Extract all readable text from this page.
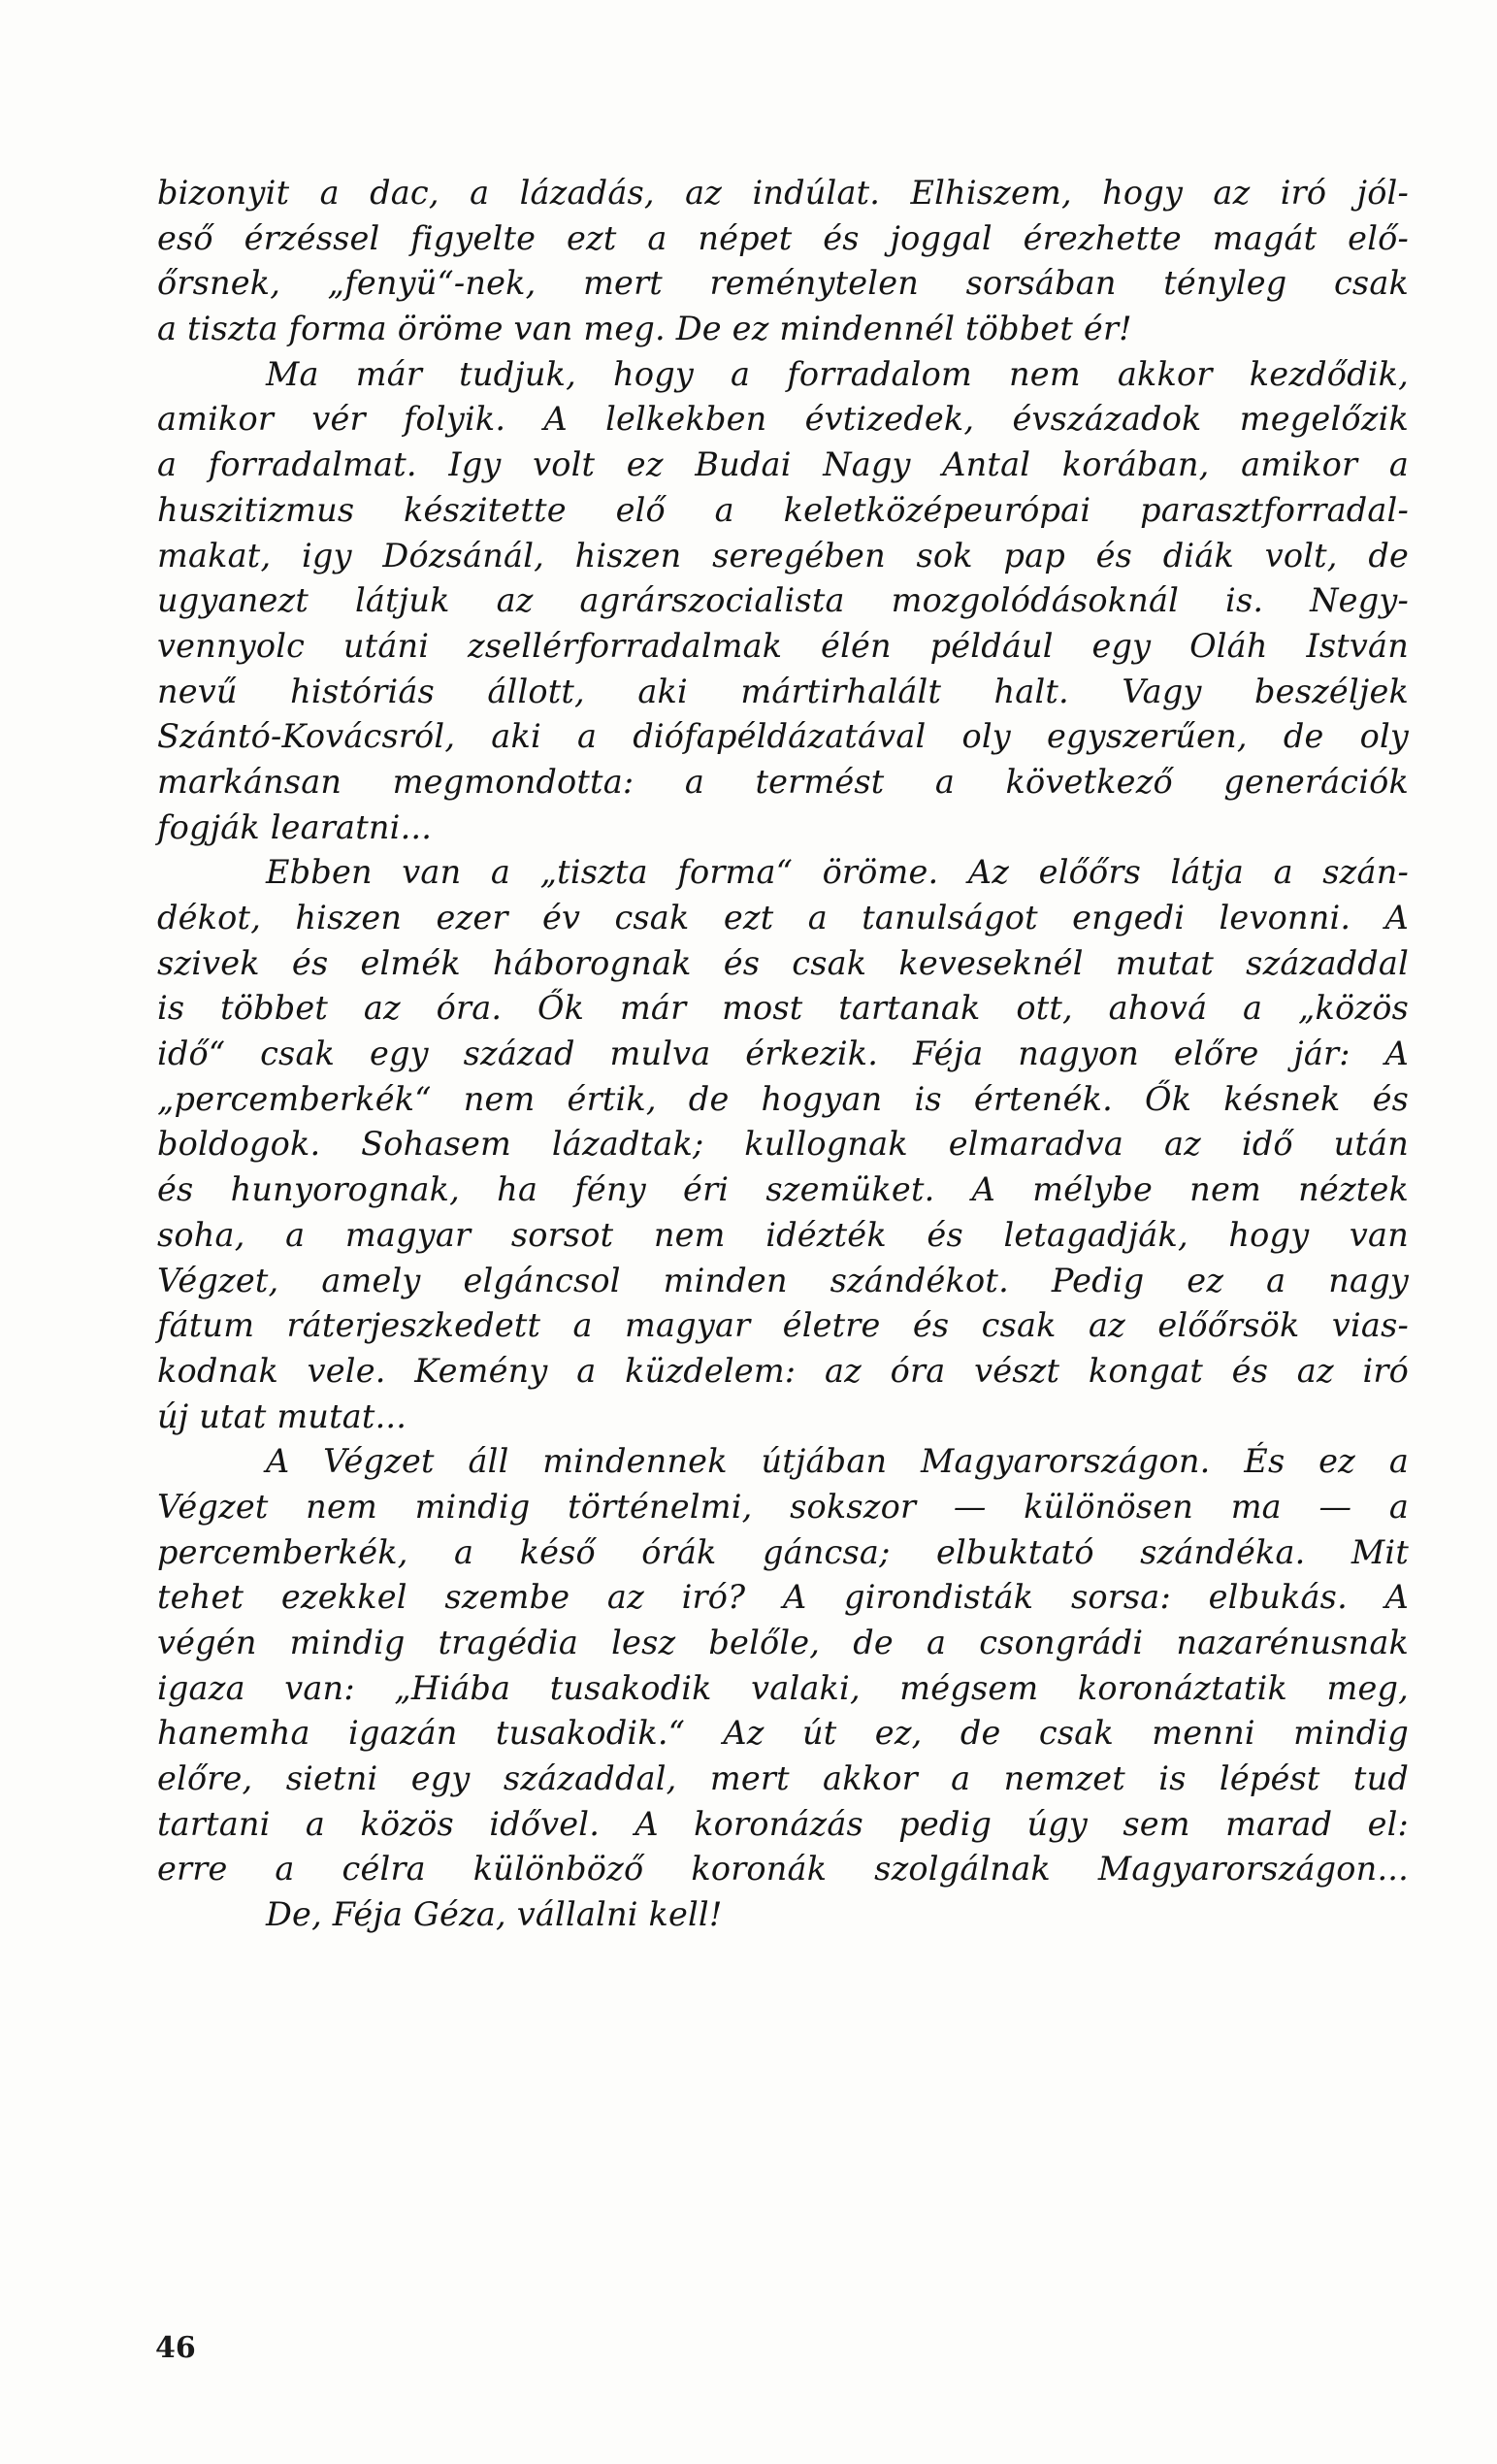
bizonyit a dac, a lázadás, az indúlat. Elhiszem, hogy az iró jól-
eső érzéssel figyelte ezt a népet és joggal érezhette magát elő-
őrsnek, „fenyü“-nek, mert reménytelen sorsában tényleg csak
a tiszta forma öröme van meg. De ez mindennél többet ér!
Ma már tudjuk, hogy a forradalom nem akkor kezdődik,
amikor vér folyik. A lelkekben évtizedek, évszázadok megelőzik
a forradalmat. Igy volt ez Budai Nagy Antal korában, amikor a
huszitizmus készitette elő a keletközépeurópai parasztforradal-
makat, igy Dózsánál, hiszen seregében sok pap és diák volt, de
ugyanezt látjuk az agrárszocialista mozgolódásoknál is. Negy-
vennyolc utáni zsellérforradalmak élén például egy Oláh István
nevű históriás állott, aki mártirhalált halt. Vagy beszéljek
Szántó-Kovácsról, aki a diófapéldázatával oly egyszerűen, de oly
markánsan megmondotta: a termést a következő generációk
fogják learatni...
Ebben van a „tiszta forma“ öröme. Az előőrs látja a szán-
dékot, hiszen ezer év csak ezt a tanulságot engedi levonni. A
szivek és elmék háborognak és csak keveseknél mutat századdal
is többet az óra. Ők már most tartanak ott, ahová a „közös
idő“ csak egy század mulva érkezik. Féja nagyon előre jár: A
„percemberkék“ nem értik, de hogyan is értenék. Ők késnek és
boldogok. Sohasem lázadtak; kullognak elmaradva az idő után
és hunyorognak, ha fény éri szemüket. A mélybe nem néztek
soha, a magyar sorsot nem idézték és letagadják, hogy van
Végzet, amely elgáncsol minden szándékot. Pedig ez a nagy
fátum ráterjeszkedett a magyar életre és csak az előőrsök vias-
kodnak vele. Kemény a küzdelem: az óra vészt kongat és az iró
új utat mutat...
A Végzet áll mindennek útjában Magyarországon. És ez a
Végzet nem mindig történelmi, sokszor — különösen ma — a
percemberkék, a késő órák gáncsa; elbuktató szándéka. Mit
tehet ezekkel szembe az iró? A girondisták sorsa: elbukás. A
végén mindig tragédia lesz belőle, de a csongrádi nazarénusnak
igaza van: „Hiába tusakodik valaki, mégsem koronáztatik meg,
hanemha igazán tusakodik.“ Az út ez, de csak menni mindig
előre, sietni egy századdal, mert akkor a nemzet is lépést tud
tartani a közös idővel. A koronázás pedig úgy sem marad el:
erre a célra különböző koronák szolgálnak Magyarországon...
De, Féja Géza, vállalni kell!
46
